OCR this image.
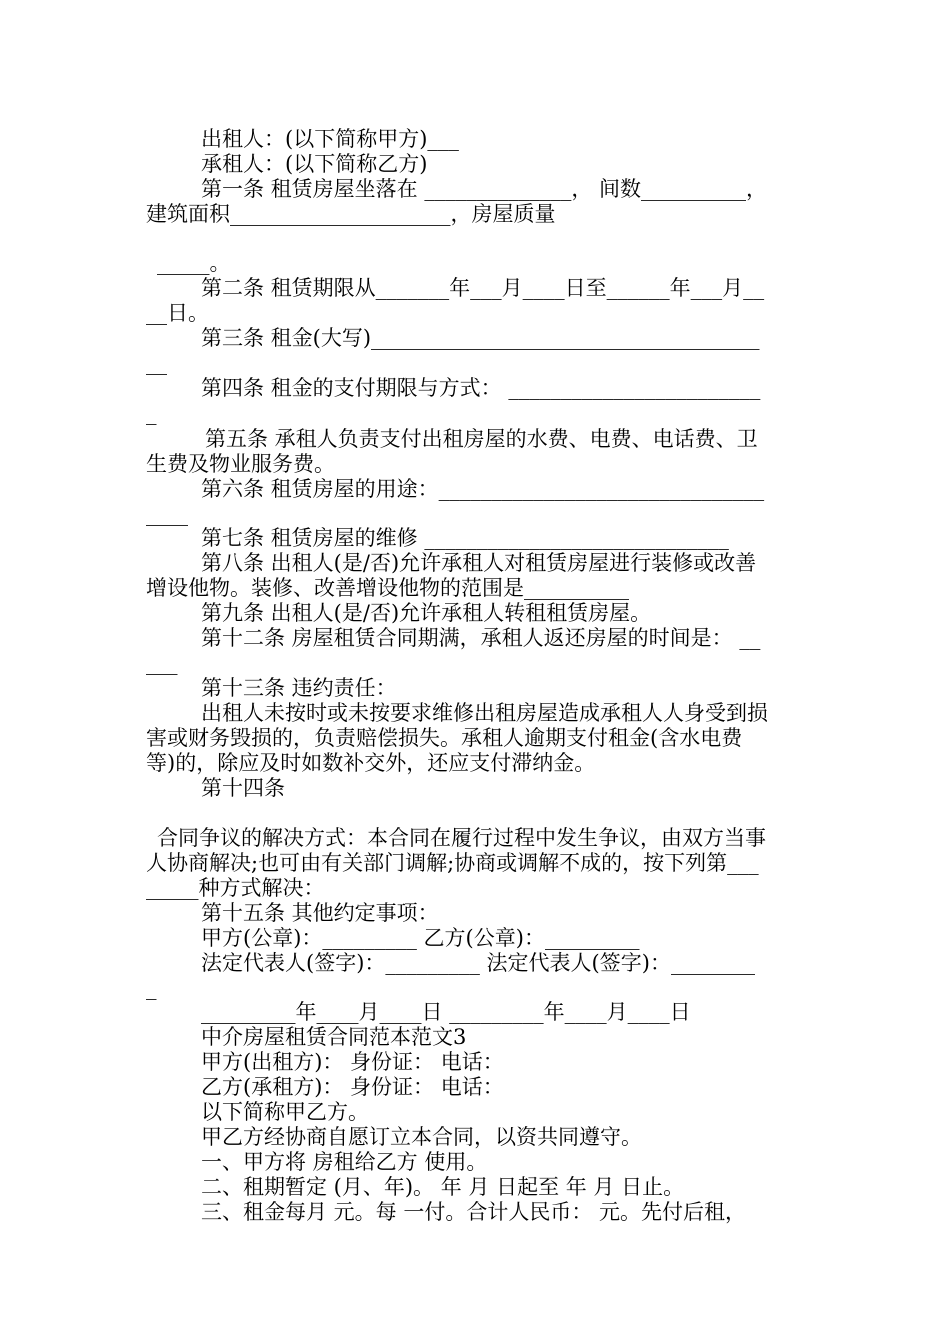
出租人：(以下简称甲方)___
承租人：(以下简称乙方)
第一条 租赁房屋坐落在 ______________， 间数__________，
建筑面积_____________________，房屋质量
_____。
第二条 租赁期限从_______年___月____日至______年___月__
__日。
第三条 租金(大写)_____________________________________
__
第四条 租金的支付期限与方式： ________________________
_
第五条 承租人负责支付出租房屋的水费、电费、电话费、卫
生费及物业服务费。
第六条 租赁房屋的用途：_______________________________
____
第七条 租赁房屋的维修 _____________________________
第八条 出租人(是/否)允许承租人对租赁房屋进行装修或改善
增设他物。装修、改善增设他物的范围是__________
第九条 出租人(是/否)允许承租人转租租赁房屋。
第十二条 房屋租赁合同期满，承租人返还房屋的时间是： __
___
第十三条 违约责任：
出租人未按时或未按要求维修出租房屋造成承租人人身受到损
害或财务毁损的，负责赔偿损失。承租人逾期支付租金(含水电费
等)的，除应及时如数补交外，还应支付滞纳金。
第十四条
合同争议的解决方式：本合同在履行过程中发生争议，由双方当事
人协商解决;也可由有关部门调解;协商或调解不成的，按下列第___
_____种方式解决：
第十五条 其他约定事项：
甲方(公章)：_________ 乙方(公章)：_________
法定代表人(签字)：_________ 法定代表人(签字)：________
_
_________年____月____日 _________年____月____日
中介房屋租赁合同范本范文3
甲方(出租方)： 身份证： 电话：
乙方(承租方)： 身份证： 电话：
以下简称甲乙方。
甲乙方经协商自愿订立本合同，以资共同遵守。
一、甲方将 房租给乙方 使用。
二、租期暂定 (月、年)。 年 月 日起至 年 月 日止。
三、租金每月 元。每 一付。合计人民币： 元。先付后租，
